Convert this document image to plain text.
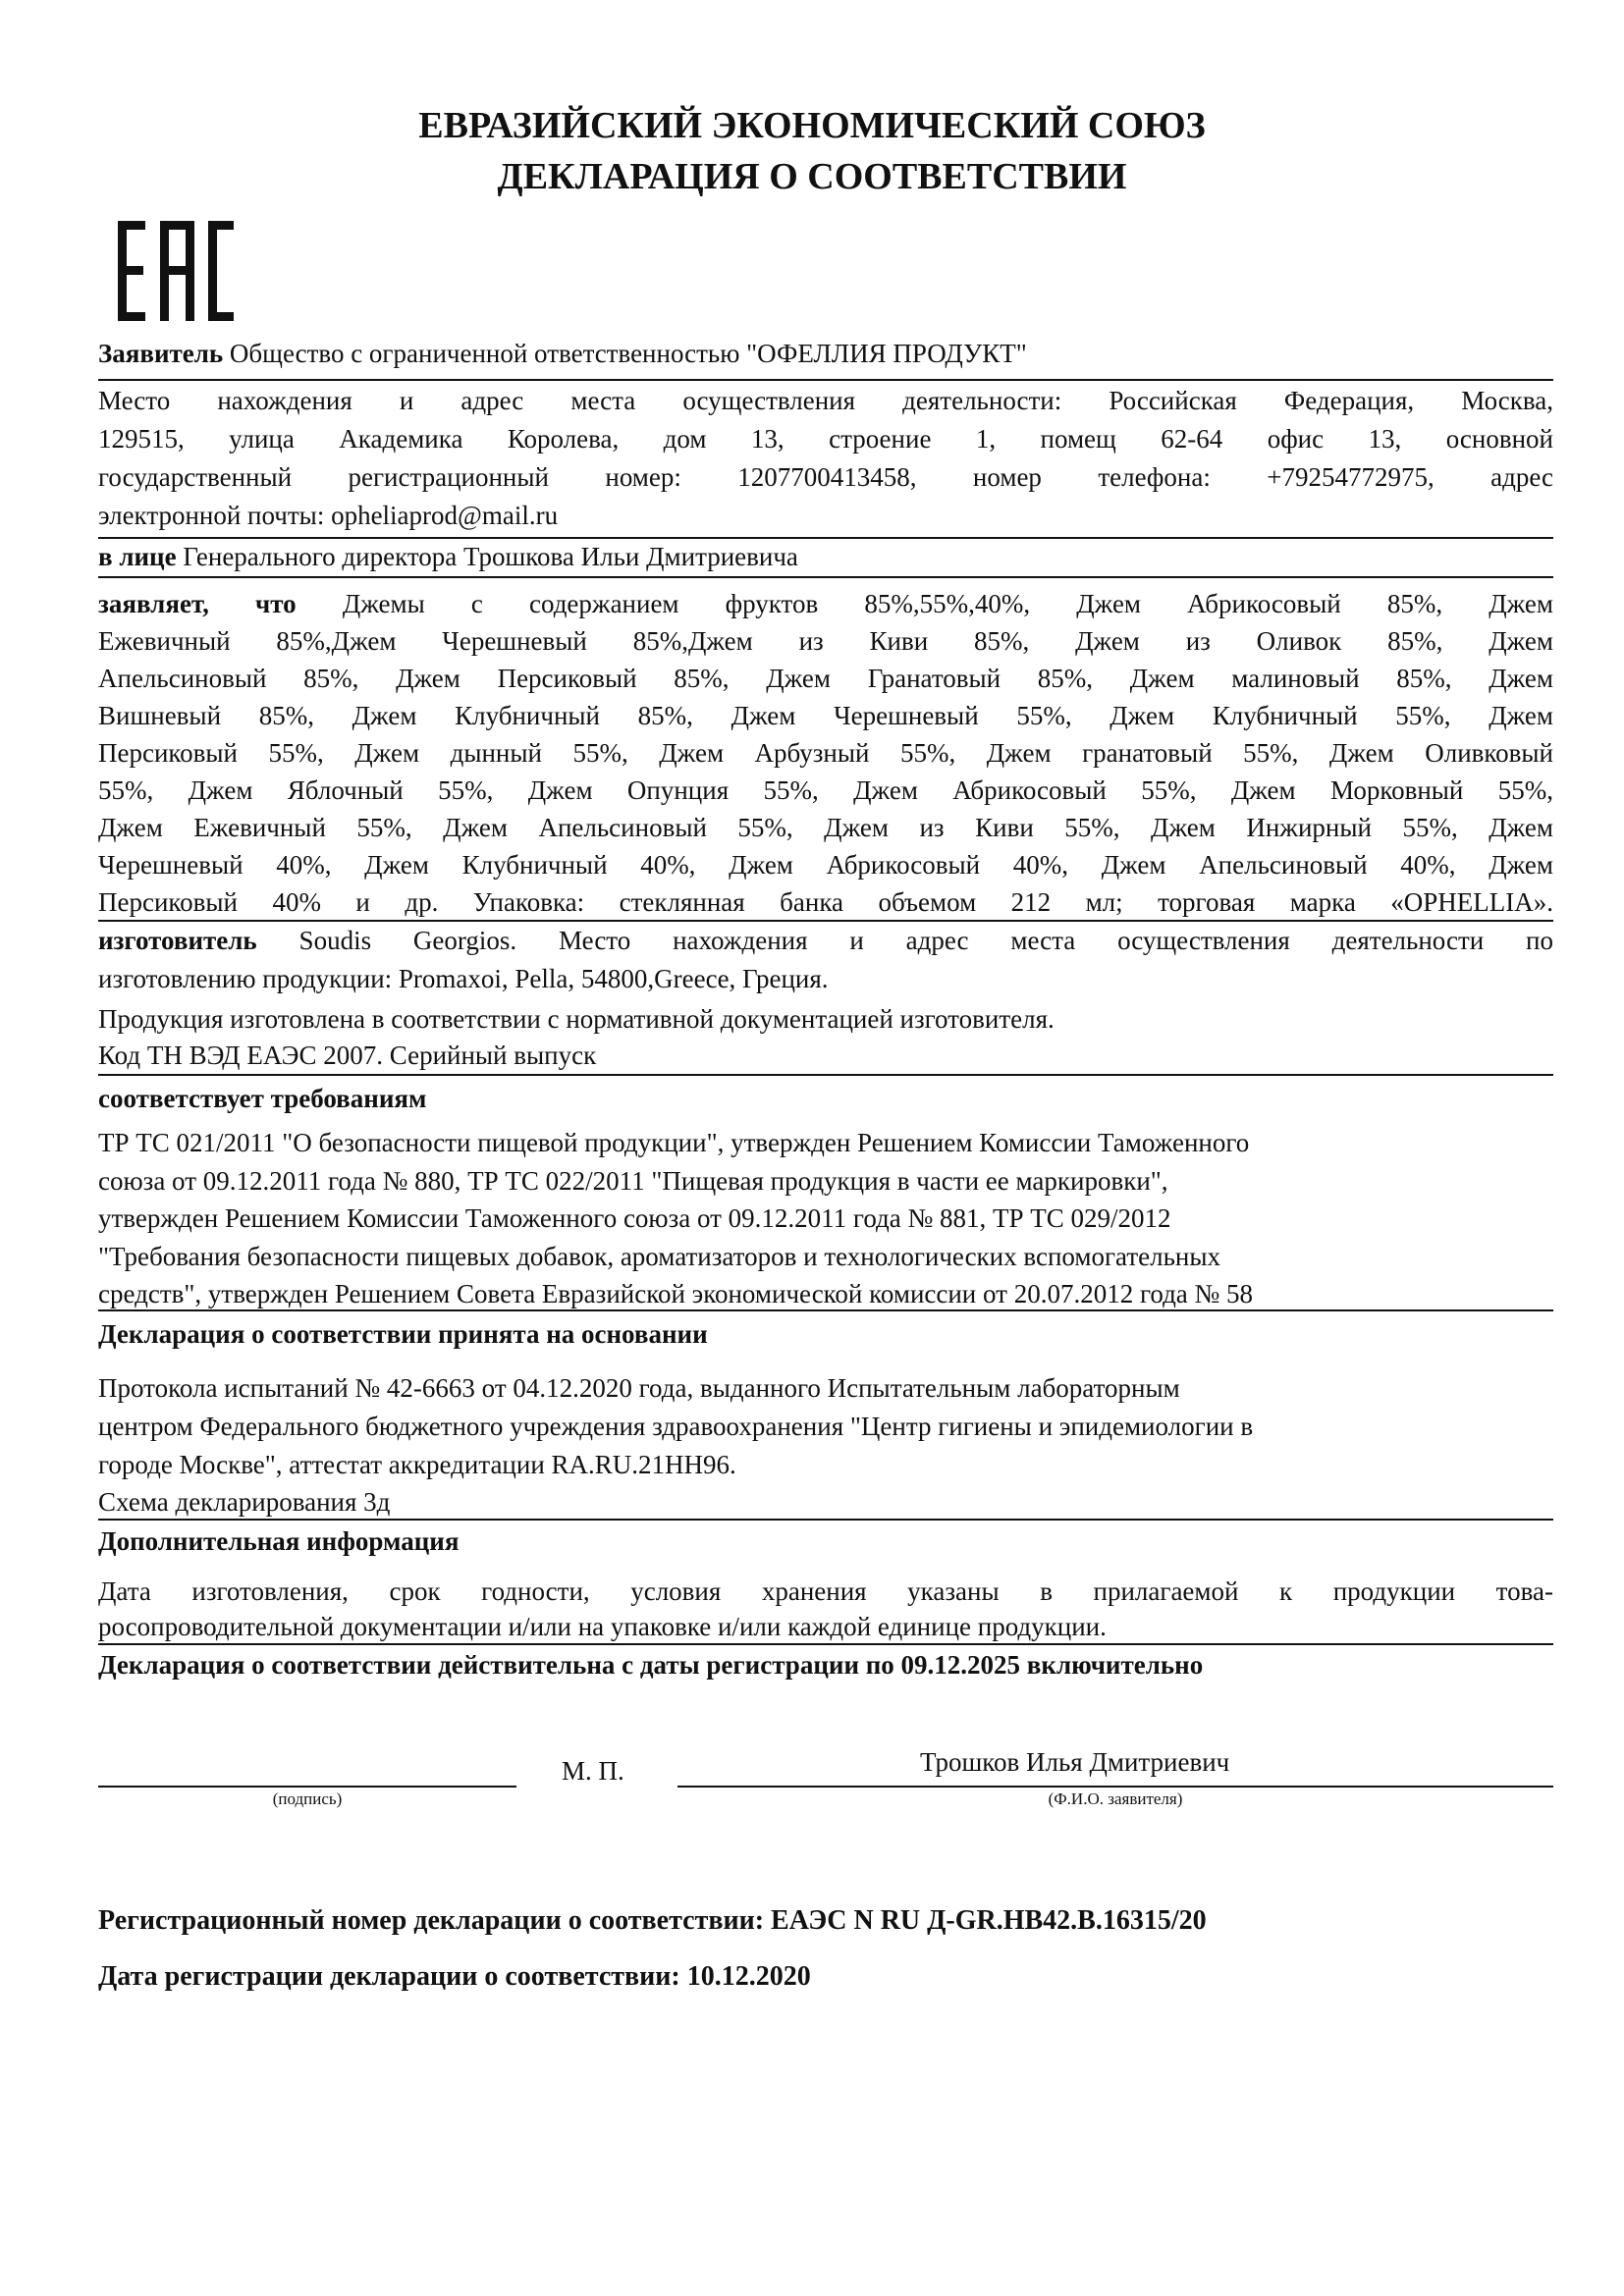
ЕВРАЗИЙСКИЙ ЭКОНОМИЧЕСКИЙ СОЮЗ
ДЕКЛАРАЦИЯ О СООТВЕТСТВИИ
Заявитель Общество с ограниченной ответственностью "ОФЕЛЛИЯ ПРОДУКТ"
Место нахождения и адрес места осуществления деятельности: Российская Федерация, Москва,
129515, улица Академика Королева, дом 13, строение 1, помещ 62-64 офис 13, основной
государственный регистрационный номер: 1207700413458, номер телефона: +79254772975, адрес
электронной почты: opheliaprod@mail.ru
в лице Генерального директора Трошкова Ильи Дмитриевича
заявляет, что Джемы с содержанием фруктов 85%,55%,40%, Джем Абрикосовый 85%, Джем
Ежевичный 85%,Джем Черешневый 85%,Джем из Киви 85%, Джем из Оливок 85%, Джем
Апельсиновый 85%, Джем Персиковый 85%, Джем Гранатовый 85%, Джем малиновый 85%, Джем
Вишневый 85%, Джем Клубничный 85%, Джем Черешневый 55%, Джем Клубничный 55%, Джем
Персиковый 55%, Джем дынный 55%, Джем Арбузный 55%, Джем гранатовый 55%, Джем Оливковый
55%, Джем Яблочный 55%, Джем Опунция 55%, Джем Абрикосовый 55%, Джем Морковный 55%,
Джем Ежевичный 55%, Джем Апельсиновый 55%, Джем из Киви 55%, Джем Инжирный 55%, Джем
Черешневый 40%, Джем Клубничный 40%, Джем Абрикосовый 40%, Джем Апельсиновый 40%, Джем
Персиковый 40% и др. Упаковка: стеклянная банка объемом 212 мл; торговая марка «OPHELLIA».
изготовитель Soudis Georgios. Место нахождения и адрес места осуществления деятельности по
изготовлению продукции: Promaxoi, Pella, 54800,Greece, Греция.
Продукция изготовлена в соответствии с нормативной документацией изготовителя.
Код ТН ВЭД ЕАЭС 2007. Серийный выпуск
соответствует требованиям
ТР ТС 021/2011 "О безопасности пищевой продукции", утвержден Решением Комиссии Таможенного
союза от 09.12.2011 года № 880, ТР ТС 022/2011 "Пищевая продукция в части ее маркировки",
утвержден Решением Комиссии Таможенного союза от 09.12.2011 года № 881, ТР ТС 029/2012
"Требования безопасности пищевых добавок, ароматизаторов и технологических вспомогательных
средств", утвержден Решением Совета Евразийской экономической комиссии от 20.07.2012 года № 58
Декларация о соответствии принята на основании
Протокола испытаний № 42-6663 от 04.12.2020 года, выданного Испытательным лабораторным
центром Федерального бюджетного учреждения здравоохранения "Центр гигиены и эпидемиологии в
городе Москве", аттестат аккредитации RA.RU.21HH96.
Схема декларирования 3д
Дополнительная информация
Дата изготовления, срок годности, условия хранения указаны в прилагаемой к продукции това-
росопроводительной документации и/или на упаковке и/или каждой единице продукции.
Декларация о соответствии действительна с даты регистрации по 09.12.2025 включительно
Трошков Илья Дмитриевич
М. П.
(подпись)	(Ф.И.О. заявителя)
Регистрационный номер декларации о соответствии: ЕАЭС N RU Д-GR.НВ42.В.16315/20
Дата регистрации декларации о соответствии: 10.12.2020
